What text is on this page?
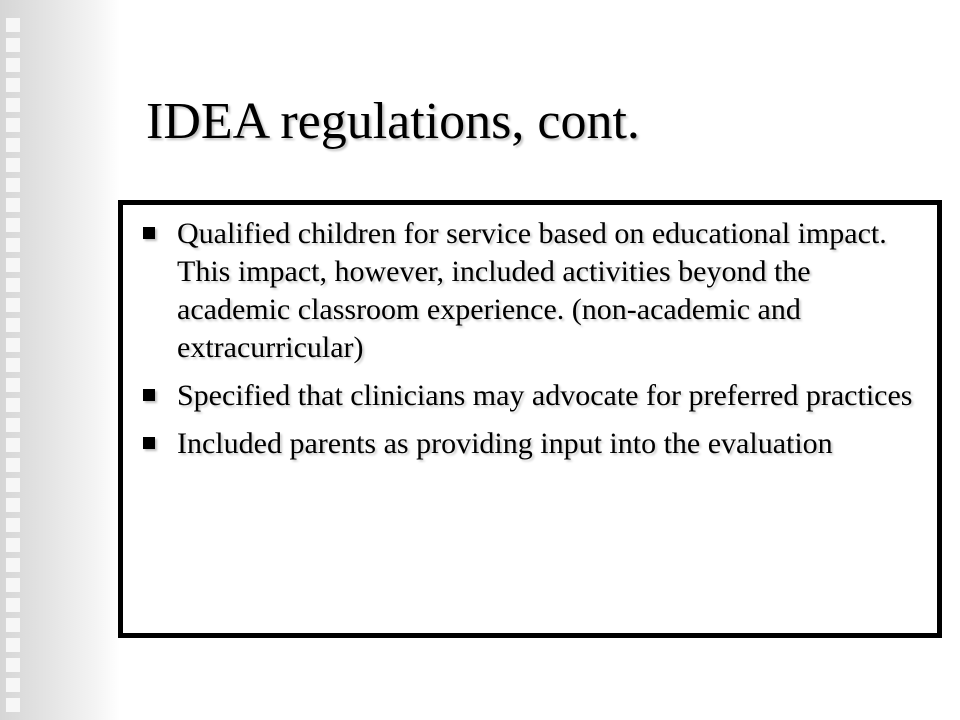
IDEA regulations, cont.
Qualified children for service based on educational impact. This impact, however, included activities beyond the academic classroom experience. (non-academic and extracurricular)
Specified that clinicians may advocate for preferred practices
Included parents as providing input into the evaluation
